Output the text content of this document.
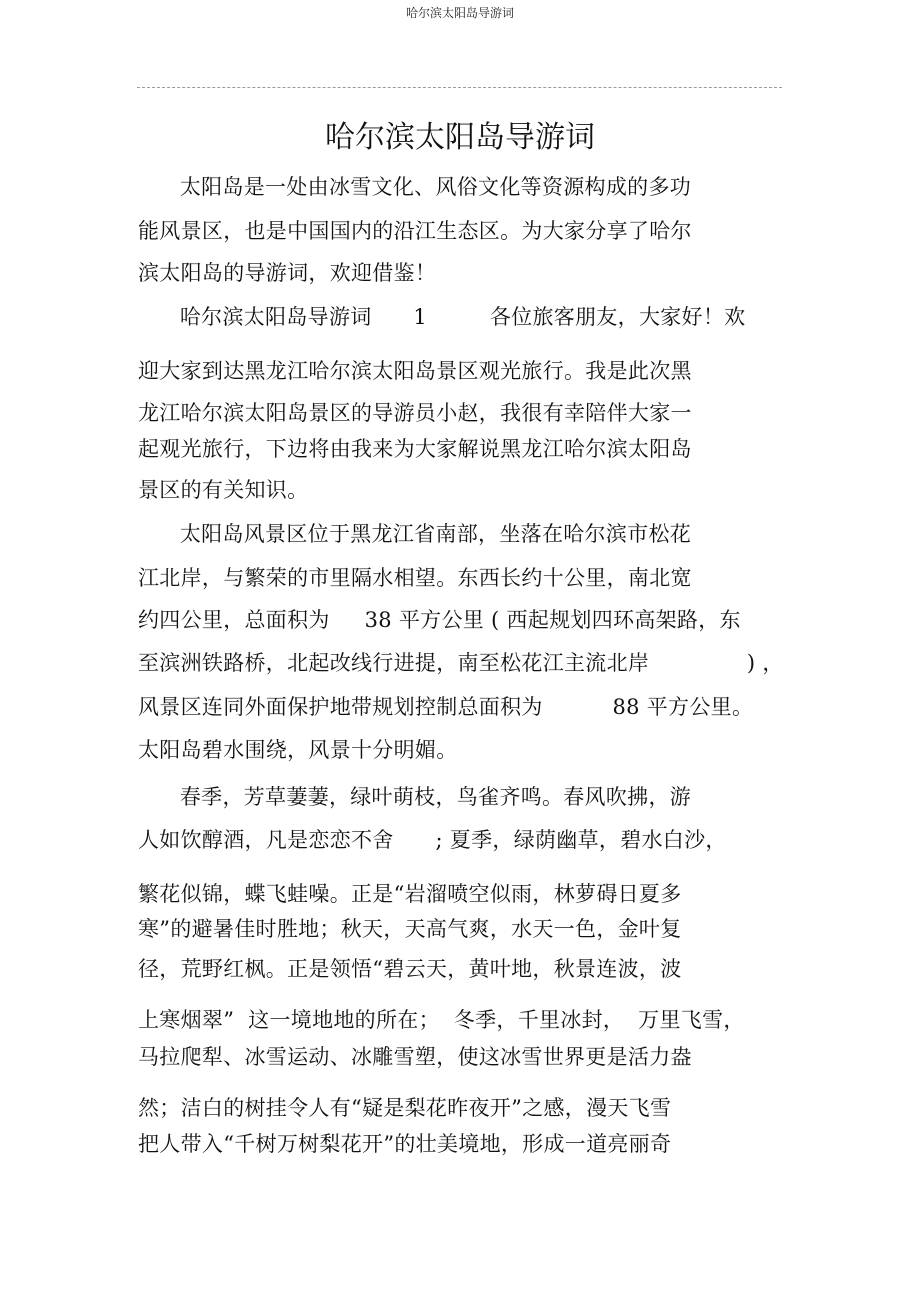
哈尔滨太阳岛导游词
哈尔滨太阳岛导游词
太阳岛是一处由冰雪文化、风俗文化等资源构成的多功
能风景区，也是中国国内的沿江生态区。为大家分享了哈尔
滨太阳岛的导游词，欢迎借鉴！
哈尔滨太阳岛导游词      1         各位旅客朋友，大家好！欢
迎大家到达黑龙江哈尔滨太阳岛景区观光旅行。我是此次黑
龙江哈尔滨太阳岛景区的导游员小赵，我很有幸陪伴大家一
起观光旅行，下边将由我来为大家解说黑龙江哈尔滨太阳岛
景区的有关知识。
太阳岛风景区位于黑龙江省南部，坐落在哈尔滨市松花
江北岸，与繁荣的市里隔水相望。东西长约十公里，南北宽
约四公里，总面积为     38 平方公里 ( 西起规划四环高架路，东
至滨洲铁路桥，北起改线行进提，南至松花江主流北岸              ) ，
风景区连同外面保护地带规划控制总面积为          88 平方公里。
太阳岛碧水围绕，风景十分明媚。
春季，芳草萋萋，绿叶萌枝，鸟雀齐鸣。春风吹拂，游
人如饮醇酒，凡是恋恋不舍      ; 夏季，绿荫幽草，碧水白沙，
繁花似锦，蝶飞蛙噪。正是“岩溜喷空似雨，林萝碍日夏多
寒”的避暑佳时胜地；秋天，天高气爽，水天一色，金叶复
径，荒野红枫。正是领悟“碧云天，黄叶地，秋景连波，波
上寒烟翠”  这一境地地的所在；  冬季，千里冰封，  万里飞雪，
马拉爬犁、冰雪运动、冰雕雪塑，使这冰雪世界更是活力盎
然；洁白的树挂令人有“疑是梨花昨夜开”之感，漫天飞雪
把人带入“千树万树梨花开”的壮美境地，形成一道亮丽奇
